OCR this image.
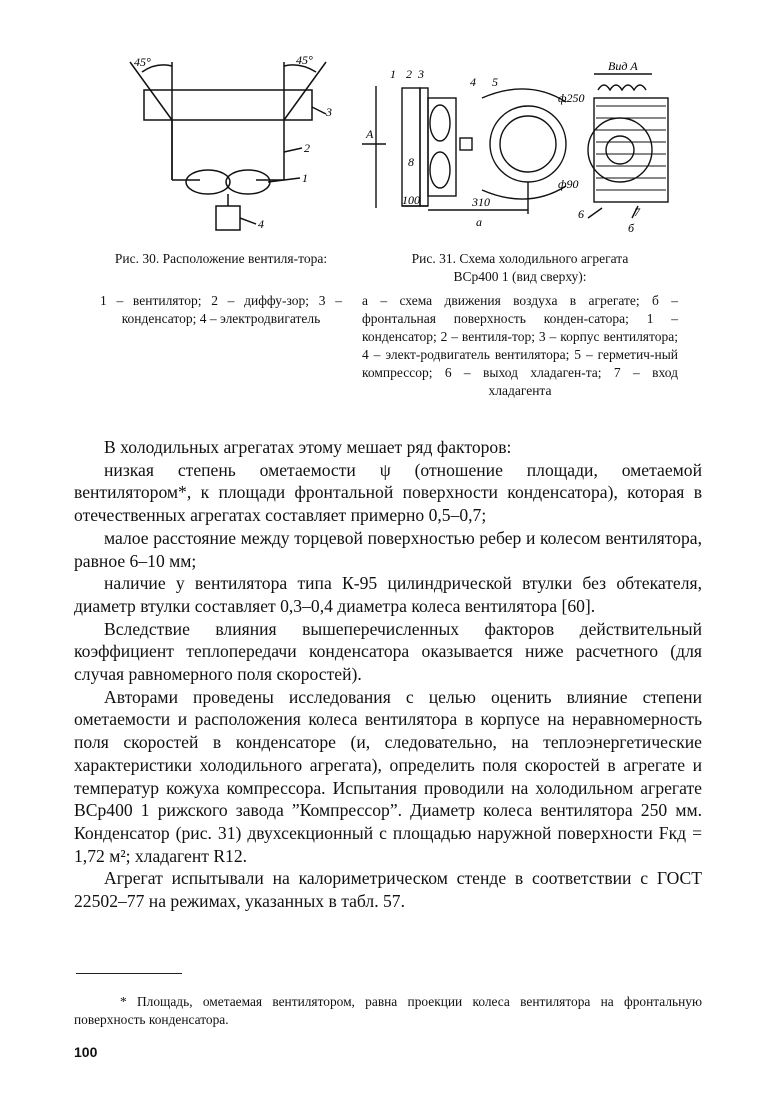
45°	45°
3
2
1
4
Рис. 30. Расположение вентиля-тора:
1 – вентилятор; 2 – диффу-зор; 3 – конденсатор; 4 – электродвигатель
Вид А
1 2 3
4 5
A
8
100	310
a
ф250
ф90
6	7
б
Рис. 31. Схема холодильного агрегата
ВСр400 1 (вид сверху):
а – схема движения воздуха в агрегате; б – фронтальная поверхность конден-сатора; 1 – конденсатор; 2 – вентиля-тор; 3 – корпус вентилятора; 4 – элект-родвигатель вентилятора; 5 – герметич-ный компрессор; 6 – выход хладаген-та; 7 – вход хладагента

В холодильных агрегатах этому мешает ряд факторов:

низкая степень ометаемости ψ (отношение площади, ометаемой вентилятором*, к площади фронтальной поверхности конденсатора), которая в отечественных агрегатах составляет примерно 0,5–0,7;

малое расстояние между торцевой поверхностью ребер и колесом вентилятора, равное 6–10 мм;

наличие у вентилятора типа К-95 цилиндрической втулки без обтекателя, диаметр втулки составляет 0,3–0,4 диаметра колеса вентилятора [60].

Вследствие влияния вышеперечисленных факторов действительный коэффициент теплопередачи конденсатора оказывается ниже расчетного (для случая равномерного поля скоростей).

Авторами проведены исследования с целью оценить влияние степени ометаемости и расположения колеса вентилятора в корпусе на неравномерность поля скоростей в конденсаторе (и, следовательно, на теплоэнергетические характеристики холодильного агрегата), определить поля скоростей в агрегате и температур кожуха компрессора. Испытания проводили на холодильном агрегате ВСр400 1 рижского завода ”Компрессор”. Диаметр колеса вентилятора 250 мм. Конденсатор (рис. 31) двухсекционный с площадью наружной поверхности Fкд = 1,72 м²; хладагент R12.

Агрегат испытывали на калориметрическом стенде в соответствии с ГОСТ 22502–77 на режимах, указанных в табл. 57.

* Площадь, ометаемая вентилятором, равна проекции колеса вентилятора на фронтальную поверхность конденсатора.
100
